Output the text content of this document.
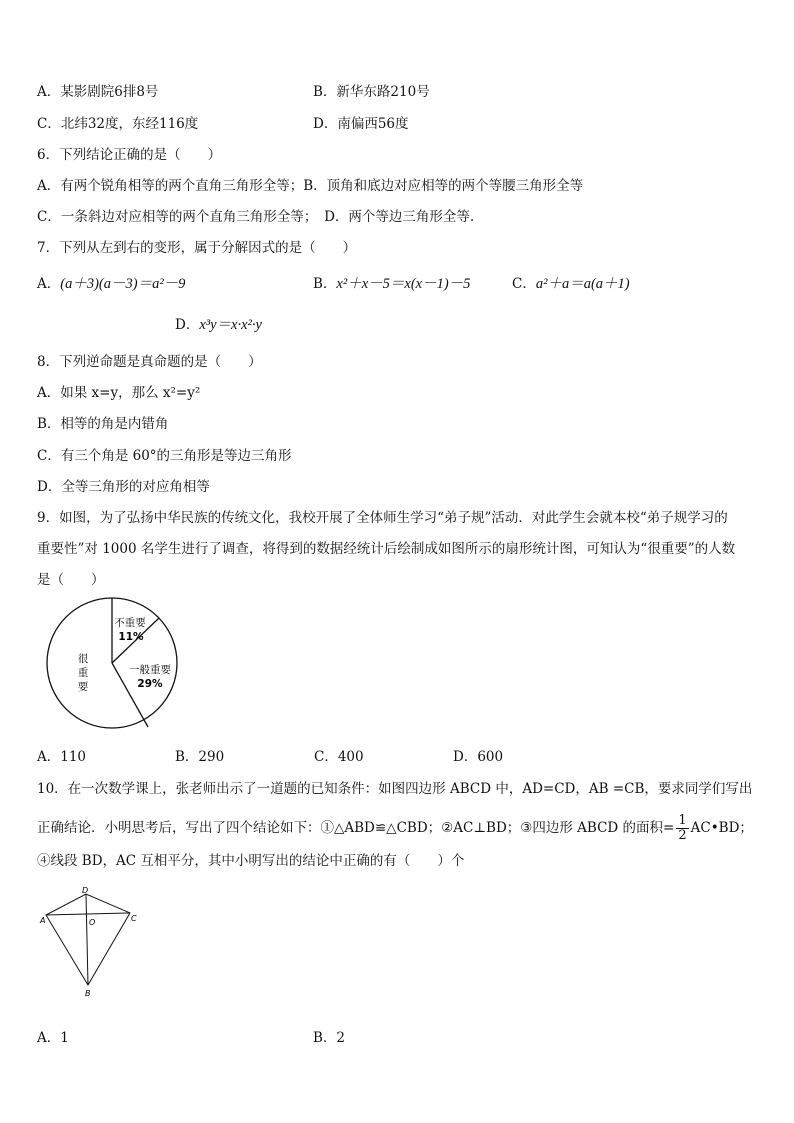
A．某影剧院6排8号	B．新华东路210号
C．北纬32度，东经116度	D．南偏西56度
6．下列结论正确的是（　　）
A．有两个锐角相等的两个直角三角形全等；B．顶角和底边对应相等的两个等腰三角形全等
C．一条斜边对应相等的两个直角三角形全等；　D．两个等边三角形全等.
7．下列从左到右的变形，属于分解因式的是（　　）
A．(a＋3)(a－3)＝a²－9	B．x²＋x－5＝x(x－1)－5	C．a²＋a＝a(a＋1)
D．x³y＝x·x²·y
8．下列逆命题是真命题的是（　　）
A．如果 x=y，那么 x²=y²
B．相等的角是内错角
C．有三个角是 60°的三角形是等边三角形
D．全等三角形的对应角相等
9．如图，为了弘扬中华民族的传统文化，我校开展了全体师生学习“弟子规”活动．对此学生会就本校“弟子规学习的
重要性”对 1000 名学生进行了调查，将得到的数据经统计后绘制成如图所示的扇形统计图，可知认为“很重要”的人数
是（　　）
不重要
11%
一般重要
29%
很
重
要
A．110	B．290	C．400	D．600
10．在一次数学课上，张老师出示了一道题的已知条件：如图四边形 ABCD 中，AD=CD，AB =CB，要求同学们写出
正确结论．小明思考后，写出了四个结论如下：①△ABD≌△CBD；②AC⊥BD；③四边形 ABCD 的面积= $\frac{1}{2}$ AC•BD；
④线段 BD，AC 互相平分，其中小明写出的结论中正确的有（　　）个
A
D
C
B
O
A．1	B．2
